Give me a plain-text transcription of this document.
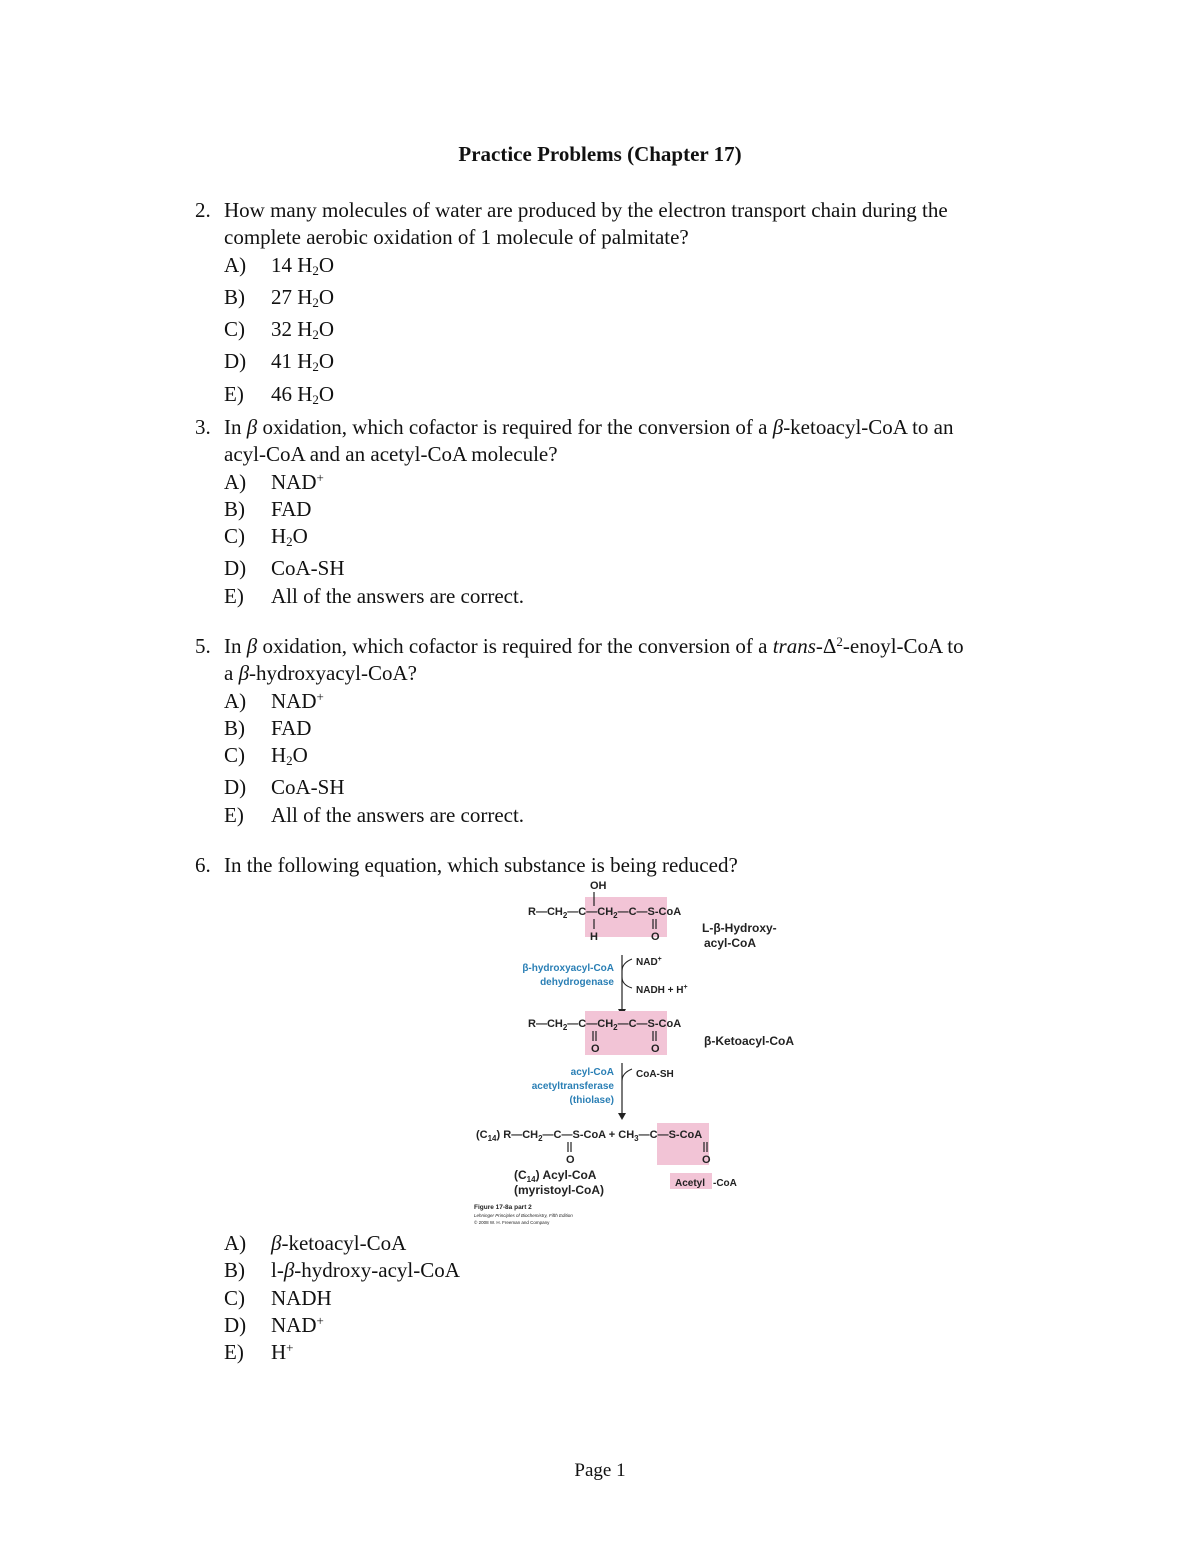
Practice Problems (Chapter 17)
2. How many molecules of water are produced by the electron transport chain during the
complete aerobic oxidation of 1 molecule of palmitate?
A) 14 $H_2O$
B) 27 $H_2O$
C) 32 $H_2O$
D) 41 $H_2O$
E) 46 $H_2O$
3. In β oxidation, which cofactor is required for the conversion of a β-ketoacyl-CoA to an
acyl-CoA and an acetyl-CoA molecule?
A) NAD+
B) FAD
C) $H_2O$
D) CoA-SH
E) All of the answers are correct.
5. In β oxidation, which cofactor is required for the conversion of a trans-$\Delta^2-enoyl$-CoA to
a β-hydroxyacyl-CoA?
A) NAD+
B) FAD
C) $H_2O$
D) CoA-SH
E) All of the answers are correct.
6. In the following equation, which substance is being reduced?
OH
$R—CH_2—C—CH_2—C—S$-CoA
H	O
L-β-Hydroxy-
acyl-CoA
β-hydroxyacyl-CoA
dehydrogenase
NAD+
NADH + H+
$R—CH_2—C—CH_2—C—S$-CoA
O	O
β-Ketoacyl-CoA
acyl-CoA
acetyltransferase
(thiolase)
CoA-SH
$(C_{14})$ $R—CH_2—C—S$-CoA + $CH_3—C—S$-CoA
O	O
$(C_{14})$ Acyl-CoA
(myristoyl-CoA)	Acetyl -CoA
Figure 17-8a part 2
Lehninger Principles of Biochemistry, Fifth Edition
© 2008 W. H. Freeman and Company
A) β-ketoacyl-CoA
B) l-β-hydroxy-acyl-CoA
C) NADH
D) NAD+
E) H+
Page 1
